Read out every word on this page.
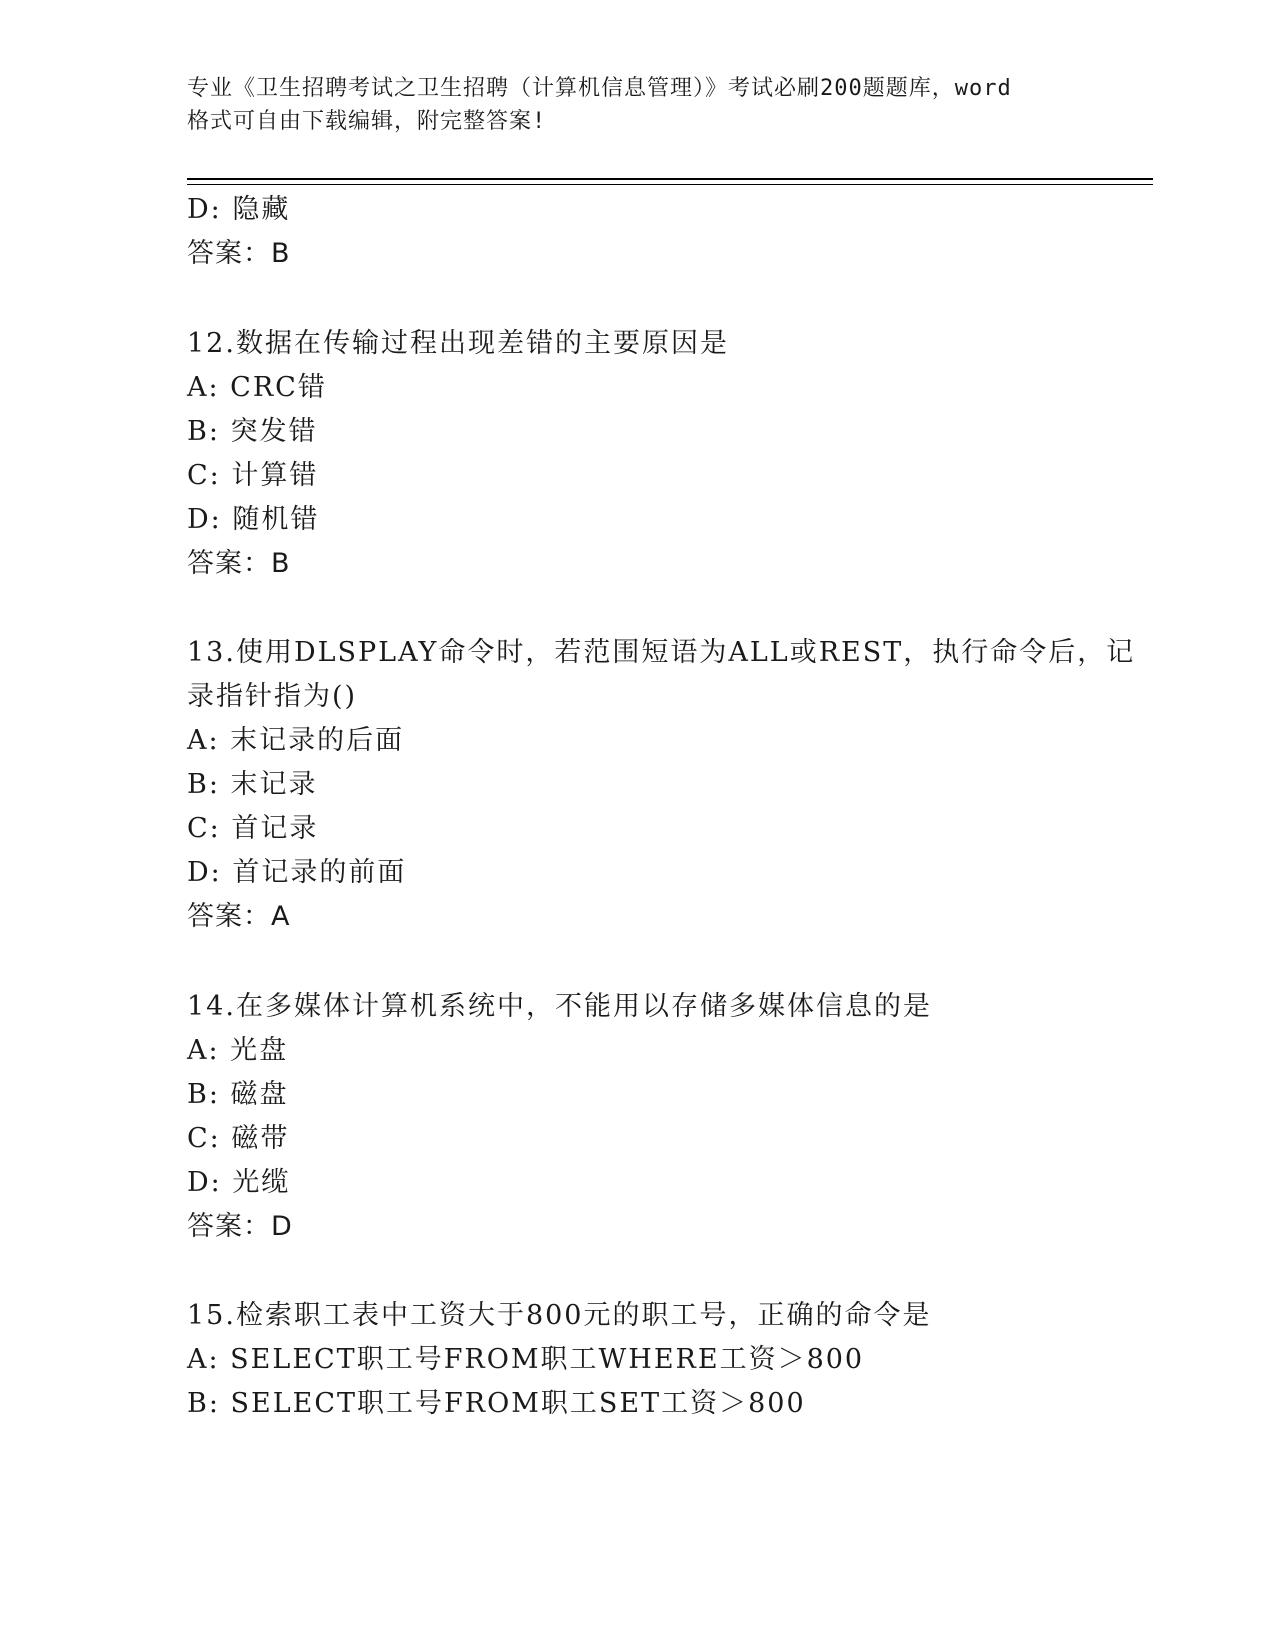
专业《卫生招聘考试之卫生招聘（计算机信息管理）》考试必刷200题题库，word
格式可自由下载编辑，附完整答案!
D: 隐藏
答案：B
12.数据在传输过程出现差错的主要原因是
A: CRC错
B: 突发错
C: 计算错
D: 随机错
答案：B
13.使用DLSPLAY命令时，若范围短语为ALL或REST，执行命令后，记
录指针指为()
A: 末记录的后面
B: 末记录
C: 首记录
D: 首记录的前面
答案：A
14.在多媒体计算机系统中，不能用以存储多媒体信息的是
A: 光盘
B: 磁盘
C: 磁带
D: 光缆
答案：D
15.检索职工表中工资大于800元的职工号，正确的命令是
A: SELECT职工号FROM职工WHERE工资＞800
B: SELECT职工号FROM职工SET工资＞800
